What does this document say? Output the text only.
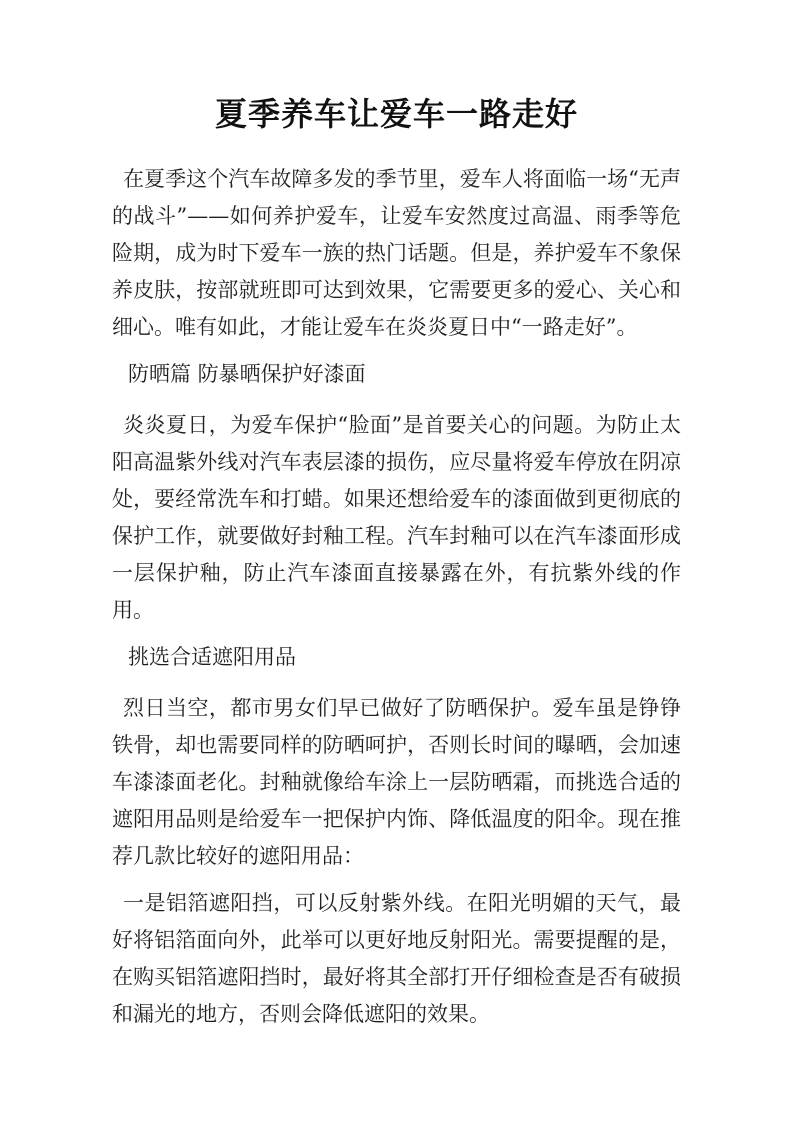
夏季养车让爱车一路走好

在夏季这个汽车故障多发的季节里，爱车人将面临一场“无声的战斗”——如何养护爱车，让爱车安然度过高温、雨季等危险期，成为时下爱车一族的热门话题。但是，养护爱车不象保养皮肤，按部就班即可达到效果，它需要更多的爱心、关心和细心。唯有如此，才能让爱车在炎炎夏日中“一路走好”。

防晒篇 防暴晒保护好漆面

炎炎夏日，为爱车保护“脸面”是首要关心的问题。为防止太阳高温紫外线对汽车表层漆的损伤，应尽量将爱车停放在阴凉处，要经常洗车和打蜡。如果还想给爱车的漆面做到更彻底的保护工作，就要做好封釉工程。汽车封釉可以在汽车漆面形成一层保护釉，防止汽车漆面直接暴露在外，有抗紫外线的作用。

挑选合适遮阳用品

烈日当空，都市男女们早已做好了防晒保护。爱车虽是铮铮铁骨，却也需要同样的防晒呵护，否则长时间的曝晒，会加速车漆漆面老化。封釉就像给车涂上一层防晒霜，而挑选合适的遮阳用品则是给爱车一把保护内饰、降低温度的阳伞。现在推荐几款比较好的遮阳用品：

一是铝箔遮阳挡，可以反射紫外线。在阳光明媚的天气，最好将铝箔面向外，此举可以更好地反射阳光。需要提醒的是，在购买铝箔遮阳挡时，最好将其全部打开仔细检查是否有破损和漏光的地方，否则会降低遮阳的效果。
